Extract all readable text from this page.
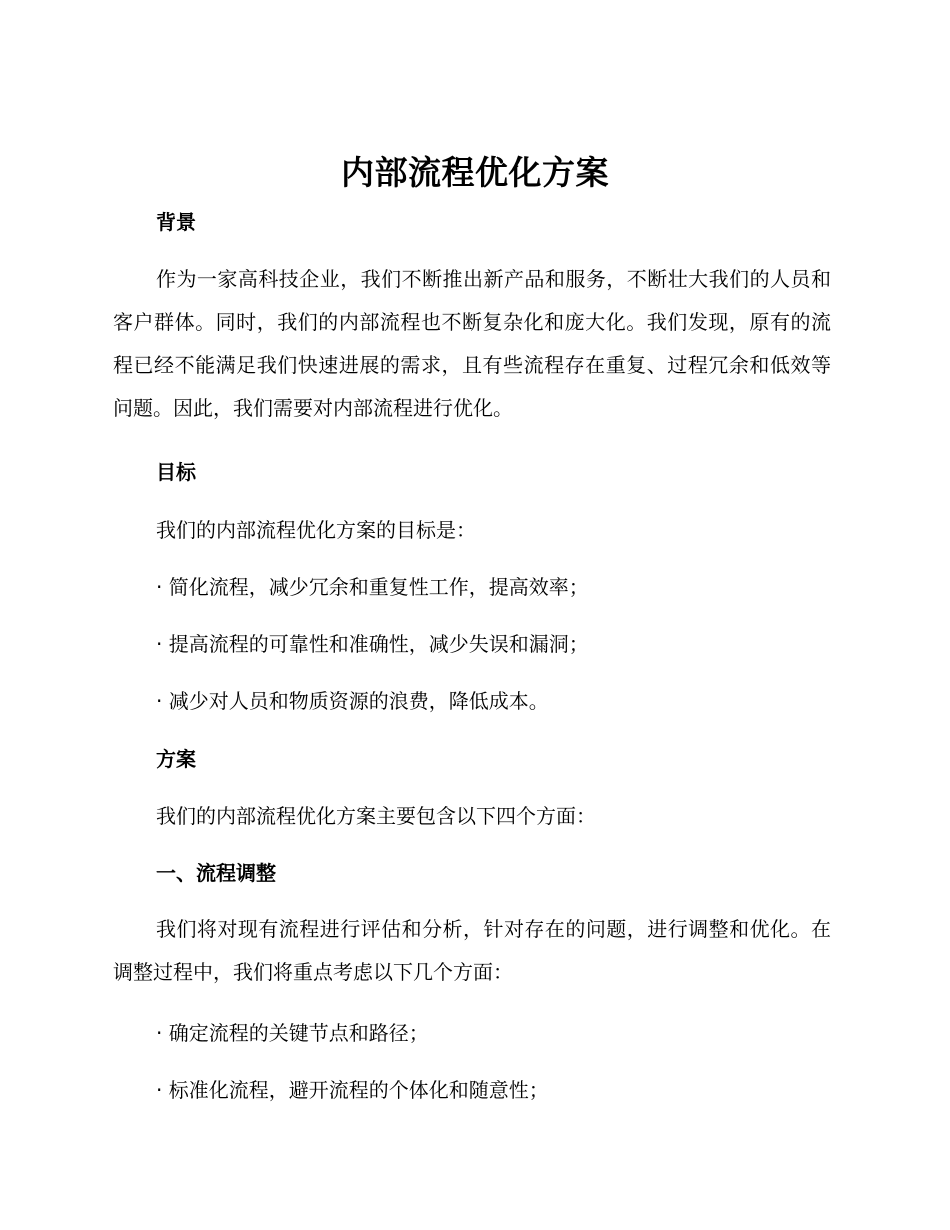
内部流程优化方案
背景

作为一家高科技企业，我们不断推出新产品和服务，不断壮大我们的人员和客户群体。同时，我们的内部流程也不断复杂化和庞大化。我们发现，原有的流程已经不能满足我们快速进展的需求，且有些流程存在重复、过程冗余和低效等问题。因此，我们需要对内部流程进行优化。

目标
我们的内部流程优化方案的目标是：
· 简化流程，减少冗余和重复性工作，提高效率；
· 提高流程的可靠性和准确性，减少失误和漏洞；
· 减少对人员和物质资源的浪费，降低成本。
方案
我们的内部流程优化方案主要包含以下四个方面：
一、流程调整

我们将对现有流程进行评估和分析，针对存在的问题，进行调整和优化。在调整过程中，我们将重点考虑以下几个方面：

· 确定流程的关键节点和路径；
· 标准化流程，避开流程的个体化和随意性；
